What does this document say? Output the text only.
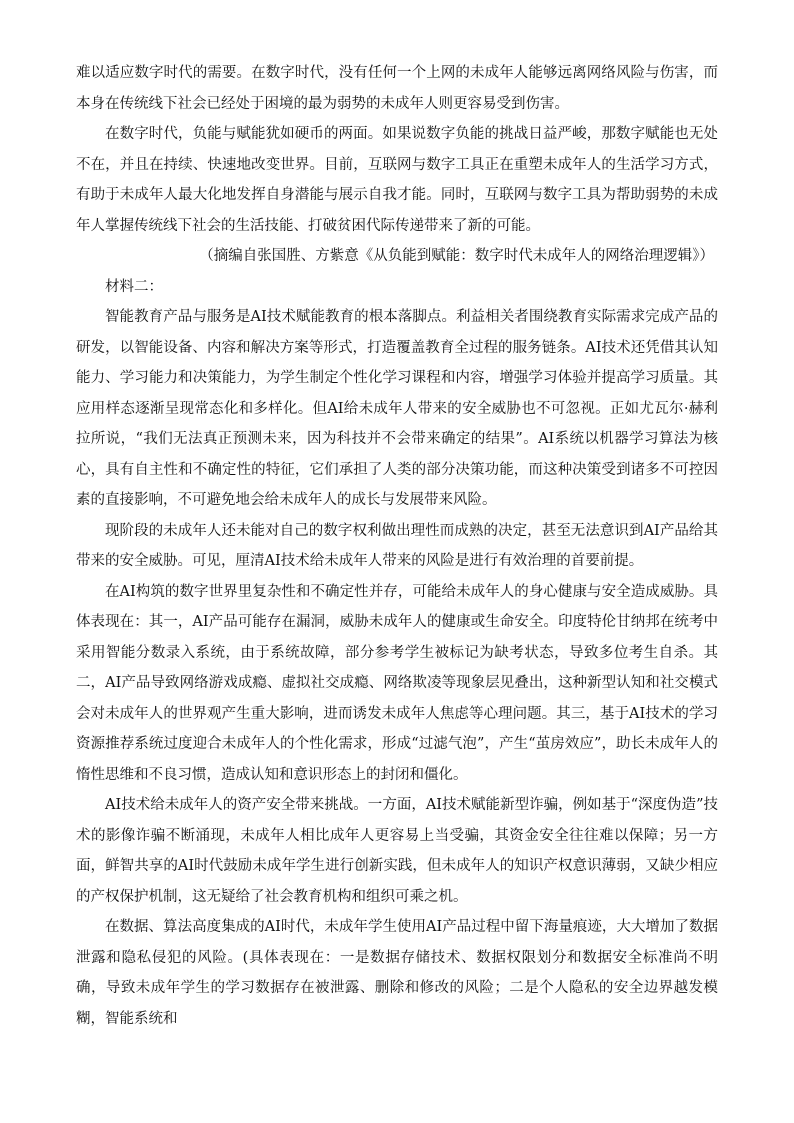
难以适应数字时代的需要。在数字时代，没有任何一个上网的未成年人能够远离网络风险与伤害，而本身在传统线下社会已经处于困境的最为弱势的未成年人则更容易受到伤害。

在数字时代，负能与赋能犹如硬币的两面。如果说数字负能的挑战日益严峻，那数字赋能也无处不在，并且在持续、快速地改变世界。目前，互联网与数字工具正在重塑未成年人的生活学习方式，有助于未成年人最大化地发挥自身潜能与展示自我才能。同时，互联网与数字工具为帮助弱势的未成年人掌握传统线下社会的生活技能、打破贫困代际传递带来了新的可能。

（摘编自张国胜、方紫意《从负能到赋能：数字时代未成年人的网络治理逻辑》）

材料二：

智能教育产品与服务是AI技术赋能教育的根本落脚点。利益相关者围绕教育实际需求完成产品的研发，以智能设备、内容和解决方案等形式，打造覆盖教育全过程的服务链条。AI技术还凭借其认知能力、学习能力和决策能力，为学生制定个性化学习课程和内容，增强学习体验并提高学习质量。其应用样态逐渐呈现常态化和多样化。但AI给未成年人带来的安全威胁也不可忽视。正如尤瓦尔·赫利拉所说，“我们无法真正预测未来，因为科技并不会带来确定的结果”。AI系统以机器学习算法为核心，具有自主性和不确定性的特征，它们承担了人类的部分决策功能，而这种决策受到诸多不可控因素的直接影响，不可避免地会给未成年人的成长与发展带来风险。

现阶段的未成年人还未能对自己的数字权利做出理性而成熟的决定，甚至无法意识到AI产品给其带来的安全威胁。可见，厘清AI技术给未成年人带来的风险是进行有效治理的首要前提。

在AI构筑的数字世界里复杂性和不确定性并存，可能给未成年人的身心健康与安全造成威胁。具体表现在：其一，AI产品可能存在漏洞，威胁未成年人的健康或生命安全。印度特伦甘纳邦在统考中采用智能分数录入系统，由于系统故障，部分参考学生被标记为缺考状态，导致多位考生自杀。其二，AI产品导致网络游戏成瘾、虚拟社交成瘾、网络欺凌等现象层见叠出，这种新型认知和社交模式会对未成年人的世界观产生重大影响，进而诱发未成年人焦虑等心理问题。其三，基于AI技术的学习资源推荐系统过度迎合未成年人的个性化需求，形成“过滤气泡”，产生“茧房效应”，助长未成年人的惰性思维和不良习惯，造成认知和意识形态上的封闭和僵化。

AI技术给未成年人的资产安全带来挑战。一方面，AI技术赋能新型诈骗，例如基于“深度伪造”技术的影像诈骗不断涌现，未成年人相比成年人更容易上当受骗，其资金安全往往难以保障；另一方面，鲜智共享的AI时代鼓励未成年学生进行创新实践，但未成年人的知识产权意识薄弱，又缺少相应的产权保护机制，这无疑给了社会教育机构和组织可乘之机。

在数据、算法高度集成的AI时代，未成年学生使用AI产品过程中留下海量痕迹，大大增加了数据泄露和隐私侵犯的风险。(具体表现在：一是数据存储技术、数据权限划分和数据安全标准尚不明确，导致未成年学生的学习数据存在被泄露、删除和修改的风险；二是个人隐私的安全边界越发模糊，智能系统和
